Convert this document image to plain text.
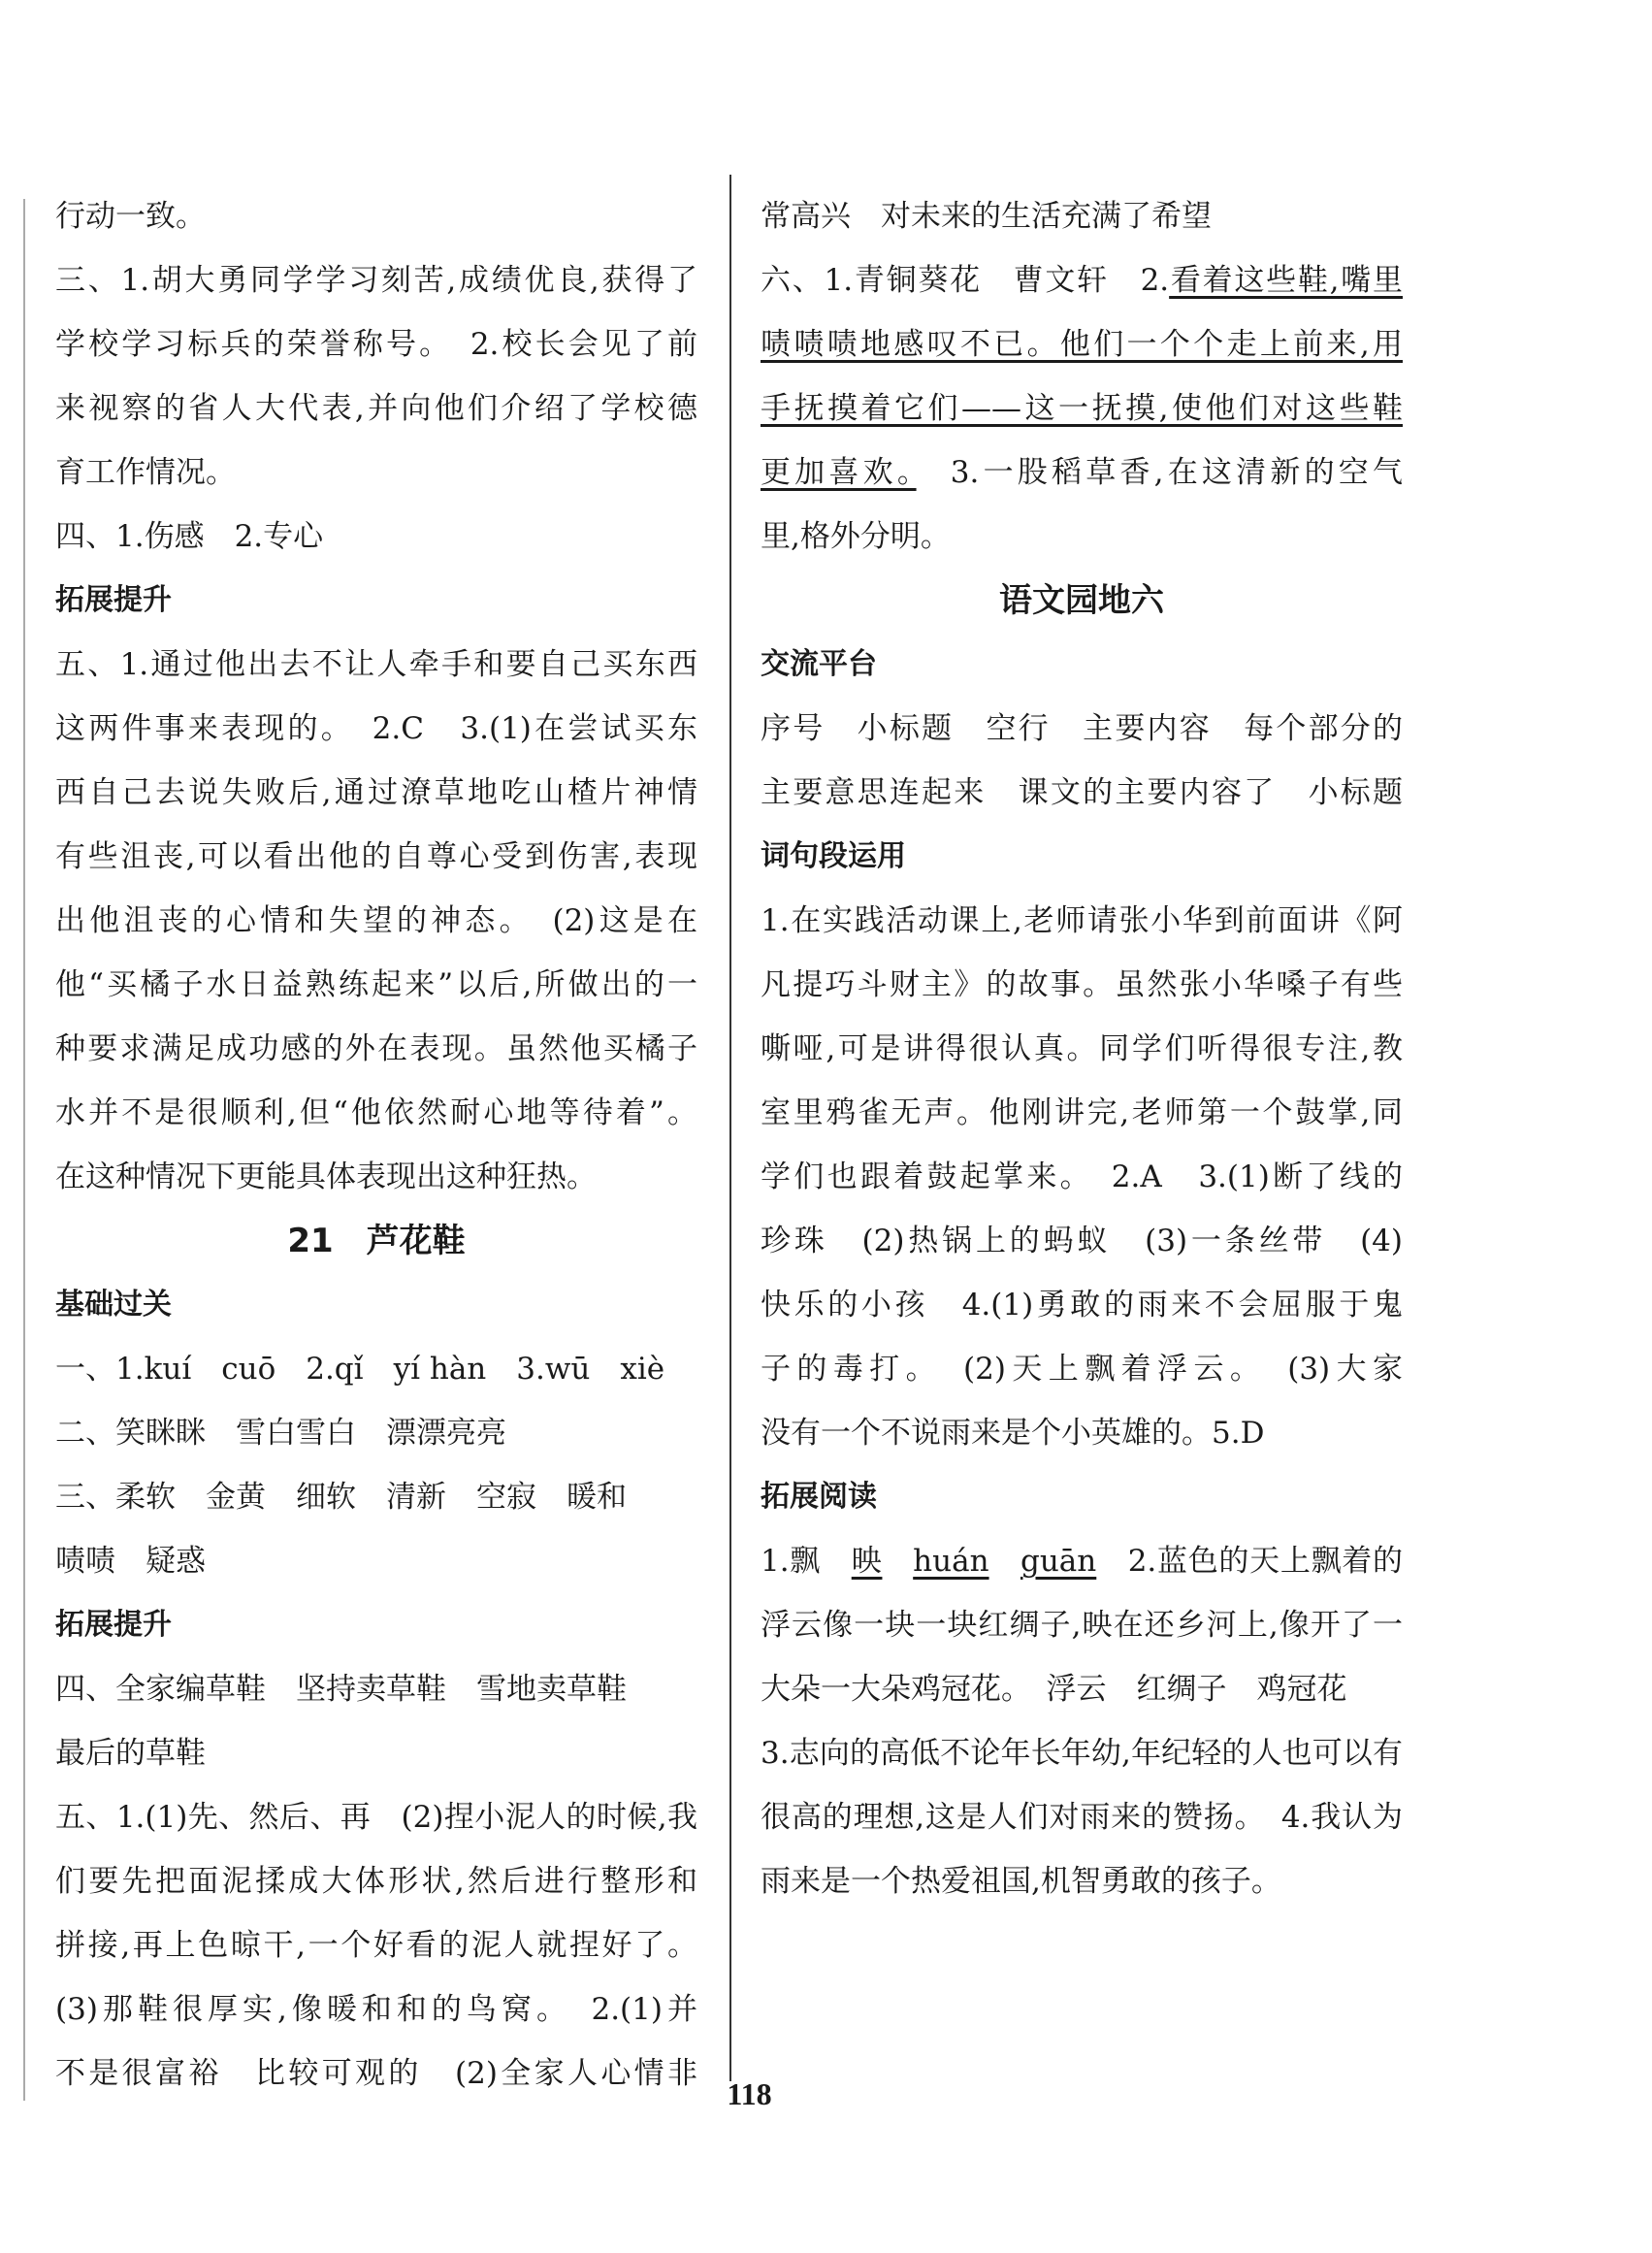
行动一致。
三、1.胡大勇同学学习刻苦,成绩优良,获得了
学校学习标兵的荣誉称号。　2.校长会见了前
来视察的省人大代表,并向他们介绍了学校德
育工作情况。
四、1.伤感　2.专心
拓展提升
五、1.通过他出去不让人牵手和要自己买东西
这两件事来表现的。　2.C　3.(1)在尝试买东
西自己去说失败后,通过潦草地吃山楂片神情
有些沮丧,可以看出他的自尊心受到伤害,表现
出他沮丧的心情和失望的神态。　(2)这是在
他“买橘子水日益熟练起来”以后,所做出的一
种要求满足成功感的外在表现。虽然他买橘子
水并不是很顺利,但“他依然耐心地等待着”。
在这种情况下更能具体表现出这种狂热。
21　芦花鞋
基础过关
一、1.kuí　cuō　2.qǐ　yí hàn　3.wū　xiè
二、笑眯眯　雪白雪白　漂漂亮亮
三、柔软　金黄　细软　清新　空寂　暖和
啧啧　疑惑
拓展提升
四、全家编草鞋　坚持卖草鞋　雪地卖草鞋
最后的草鞋
五、1.(1)先、然后、再　(2)捏小泥人的时候,我
们要先把面泥揉成大体形状,然后进行整形和
拼接,再上色晾干,一个好看的泥人就捏好了。
(3)那鞋很厚实,像暖和和的鸟窝。　2.(1)并
不是很富裕　比较可观的　(2)全家人心情非
常高兴　对未来的生活充满了希望
六、1.青铜葵花　曹文轩　2.看着这些鞋,嘴里
啧啧啧地感叹不已。他们一个个走上前来,用
手抚摸着它们——这一抚摸,使他们对这些鞋
更加喜欢。　3.一股稻草香,在这清新的空气
里,格外分明。
语文园地六
交流平台
序号　小标题　空行　主要内容　每个部分的
主要意思连起来　课文的主要内容了　小标题
词句段运用
1.在实践活动课上,老师请张小华到前面讲《阿
凡提巧斗财主》的故事。虽然张小华嗓子有些
嘶哑,可是讲得很认真。同学们听得很专注,教
室里鸦雀无声。他刚讲完,老师第一个鼓掌,同
学们也跟着鼓起掌来。　2.A　3.(1)断了线的
珍珠　(2)热锅上的蚂蚁　(3)一条丝带　(4)
快乐的小孩　4.(1)勇敢的雨来不会屈服于鬼
子的毒打。　(2)天上飘着浮云。　(3)大家
没有一个不说雨来是个小英雄的。5.D
拓展阅读
1.飘　映　 huán　 guān　2.蓝色的天上飘着的
浮云像一块一块红绸子,映在还乡河上,像开了一
大朵一大朵鸡冠花。　浮云　红绸子　鸡冠花
3.志向的高低不论年长年幼,年纪轻的人也可以有
很高的理想,这是人们对雨来的赞扬。　4.我认为
雨来是一个热爱祖国,机智勇敢的孩子。
118
